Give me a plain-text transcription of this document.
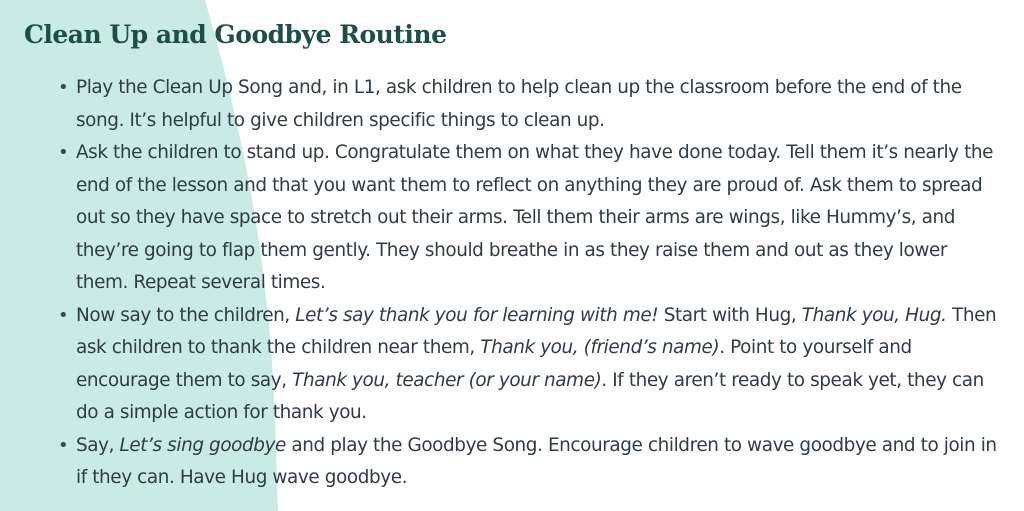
Clean Up and Goodbye Routine
• Play the Clean Up Song and, in L1, ask children to help clean up the classroom before the end of the song. It’s helpful to give children specific things to clean up.
• Ask the children to stand up. Congratulate them on what they have done today. Tell them it’s nearly the end of the lesson and that you want them to reflect on anything they are proud of. Ask them to spread out so they have space to stretch out their arms. Tell them their arms are wings, like Hummy’s, and they’re going to flap them gently. They should breathe in as they raise them and out as they lower them. Repeat several times.
• Now say to the children, Let’s say thank you for learning with me! Start with Hug, Thank you, Hug. Then ask children to thank the children near them, Thank you, (friend’s name). Point to yourself and encourage them to say, Thank you, teacher (or your name). If they aren’t ready to speak yet, they can do a simple action for thank you.
• Say, Let’s sing goodbye and play the Goodbye Song. Encourage children to wave goodbye and to join in if they can. Have Hug wave goodbye.
